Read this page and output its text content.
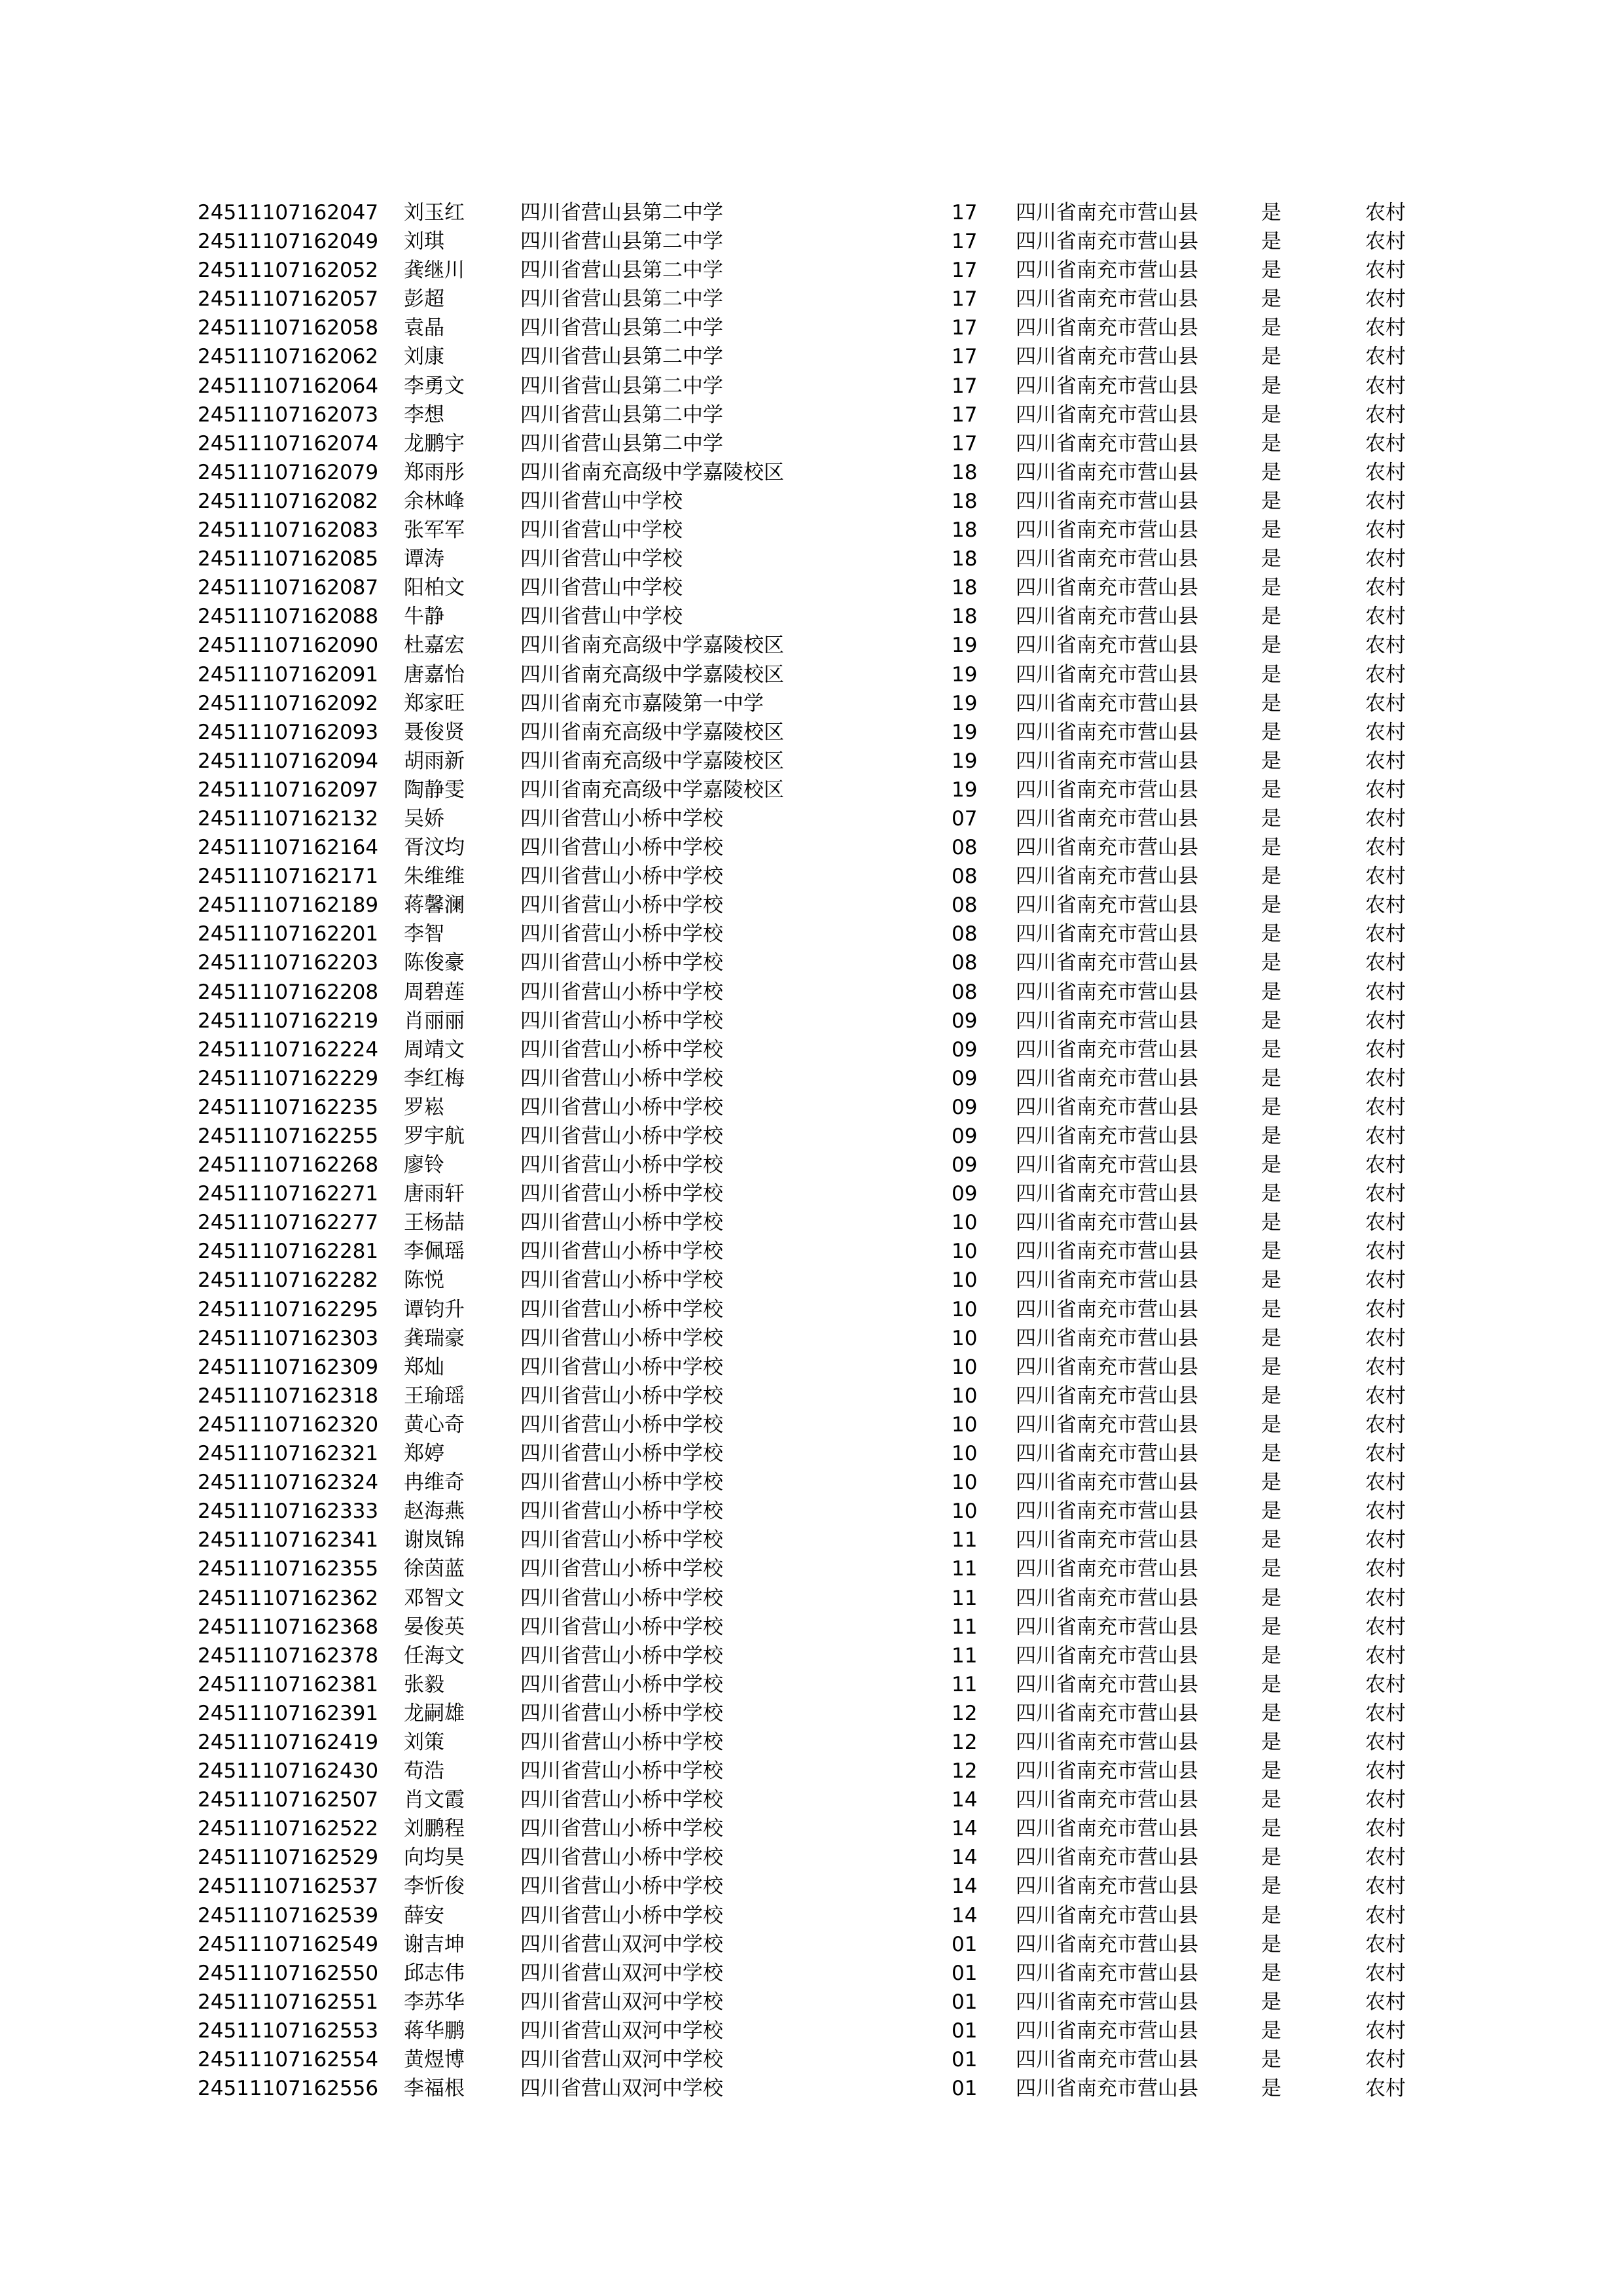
24511107162047 刘玉红	四川省营山县第二中学	17 四川省南充市营山县	是	农村
24511107162049 刘琪	四川省营山县第二中学	17 四川省南充市营山县	是	农村
24511107162052 龚继川	四川省营山县第二中学	17 四川省南充市营山县	是	农村
24511107162057 彭超	四川省营山县第二中学	17 四川省南充市营山县	是	农村
24511107162058 袁晶	四川省营山县第二中学	17 四川省南充市营山县	是	农村
24511107162062 刘康	四川省营山县第二中学	17 四川省南充市营山县	是	农村
24511107162064 李勇文	四川省营山县第二中学	17 四川省南充市营山县	是	农村
24511107162073 李想	四川省营山县第二中学	17 四川省南充市营山县	是	农村
24511107162074 龙鹏宇	四川省营山县第二中学	17 四川省南充市营山县	是	农村
24511107162079 郑雨彤	四川省南充高级中学嘉陵校区	18 四川省南充市营山县	是	农村
24511107162082 余林峰	四川省营山中学校	18 四川省南充市营山县	是	农村
24511107162083 张军军	四川省营山中学校	18 四川省南充市营山县	是	农村
24511107162085 谭涛	四川省营山中学校	18 四川省南充市营山县	是	农村
24511107162087 阳柏文	四川省营山中学校	18 四川省南充市营山县	是	农村
24511107162088 牛静	四川省营山中学校	18 四川省南充市营山县	是	农村
24511107162090 杜嘉宏	四川省南充高级中学嘉陵校区	19 四川省南充市营山县	是	农村
24511107162091 唐嘉怡	四川省南充高级中学嘉陵校区	19 四川省南充市营山县	是	农村
24511107162092 郑家旺	四川省南充市嘉陵第一中学	19 四川省南充市营山县	是	农村
24511107162093 聂俊贤	四川省南充高级中学嘉陵校区	19 四川省南充市营山县	是	农村
24511107162094 胡雨新	四川省南充高级中学嘉陵校区	19 四川省南充市营山县	是	农村
24511107162097 陶静雯	四川省南充高级中学嘉陵校区	19 四川省南充市营山县	是	农村
24511107162132 吴娇	四川省营山小桥中学校	07 四川省南充市营山县	是	农村
24511107162164 胥汶均	四川省营山小桥中学校	08 四川省南充市营山县	是	农村
24511107162171 朱维维	四川省营山小桥中学校	08 四川省南充市营山县	是	农村
24511107162189 蒋馨澜	四川省营山小桥中学校	08 四川省南充市营山县	是	农村
24511107162201 李智	四川省营山小桥中学校	08 四川省南充市营山县	是	农村
24511107162203 陈俊豪	四川省营山小桥中学校	08 四川省南充市营山县	是	农村
24511107162208 周碧莲	四川省营山小桥中学校	08 四川省南充市营山县	是	农村
24511107162219 肖丽丽	四川省营山小桥中学校	09 四川省南充市营山县	是	农村
24511107162224 周靖文	四川省营山小桥中学校	09 四川省南充市营山县	是	农村
24511107162229 李红梅	四川省营山小桥中学校	09 四川省南充市营山县	是	农村
24511107162235 罗崧	四川省营山小桥中学校	09 四川省南充市营山县	是	农村
24511107162255 罗宇航	四川省营山小桥中学校	09 四川省南充市营山县	是	农村
24511107162268 廖铃	四川省营山小桥中学校	09 四川省南充市营山县	是	农村
24511107162271 唐雨轩	四川省营山小桥中学校	09 四川省南充市营山县	是	农村
24511107162277 王杨喆	四川省营山小桥中学校	10 四川省南充市营山县	是	农村
24511107162281 李佩瑶	四川省营山小桥中学校	10 四川省南充市营山县	是	农村
24511107162282 陈悦	四川省营山小桥中学校	10 四川省南充市营山县	是	农村
24511107162295 谭钧升	四川省营山小桥中学校	10 四川省南充市营山县	是	农村
24511107162303 龚瑞豪	四川省营山小桥中学校	10 四川省南充市营山县	是	农村
24511107162309 郑灿	四川省营山小桥中学校	10 四川省南充市营山县	是	农村
24511107162318 王瑜瑶	四川省营山小桥中学校	10 四川省南充市营山县	是	农村
24511107162320 黄心奇	四川省营山小桥中学校	10 四川省南充市营山县	是	农村
24511107162321 郑婷	四川省营山小桥中学校	10 四川省南充市营山县	是	农村
24511107162324 冉维奇	四川省营山小桥中学校	10 四川省南充市营山县	是	农村
24511107162333 赵海燕	四川省营山小桥中学校	10 四川省南充市营山县	是	农村
24511107162341 谢岚锦	四川省营山小桥中学校	11 四川省南充市营山县	是	农村
24511107162355 徐茵蓝	四川省营山小桥中学校	11 四川省南充市营山县	是	农村
24511107162362 邓智文	四川省营山小桥中学校	11 四川省南充市营山县	是	农村
24511107162368 晏俊英	四川省营山小桥中学校	11 四川省南充市营山县	是	农村
24511107162378 任海文	四川省营山小桥中学校	11 四川省南充市营山县	是	农村
24511107162381 张毅	四川省营山小桥中学校	11 四川省南充市营山县	是	农村
24511107162391 龙嗣雄	四川省营山小桥中学校	12 四川省南充市营山县	是	农村
24511107162419 刘策	四川省营山小桥中学校	12 四川省南充市营山县	是	农村
24511107162430 苟浩	四川省营山小桥中学校	12 四川省南充市营山县	是	农村
24511107162507 肖文霞	四川省营山小桥中学校	14 四川省南充市营山县	是	农村
24511107162522 刘鹏程	四川省营山小桥中学校	14 四川省南充市营山县	是	农村
24511107162529 向均昊	四川省营山小桥中学校	14 四川省南充市营山县	是	农村
24511107162537 李忻俊	四川省营山小桥中学校	14 四川省南充市营山县	是	农村
24511107162539 薛安	四川省营山小桥中学校	14 四川省南充市营山县	是	农村
24511107162549 谢吉坤	四川省营山双河中学校	01 四川省南充市营山县	是	农村
24511107162550 邱志伟	四川省营山双河中学校	01 四川省南充市营山县	是	农村
24511107162551 李苏华	四川省营山双河中学校	01 四川省南充市营山县	是	农村
24511107162553 蒋华鹏	四川省营山双河中学校	01 四川省南充市营山县	是	农村
24511107162554 黄煜博	四川省营山双河中学校	01 四川省南充市营山县	是	农村
24511107162556 李福根	四川省营山双河中学校	01 四川省南充市营山县	是	农村
